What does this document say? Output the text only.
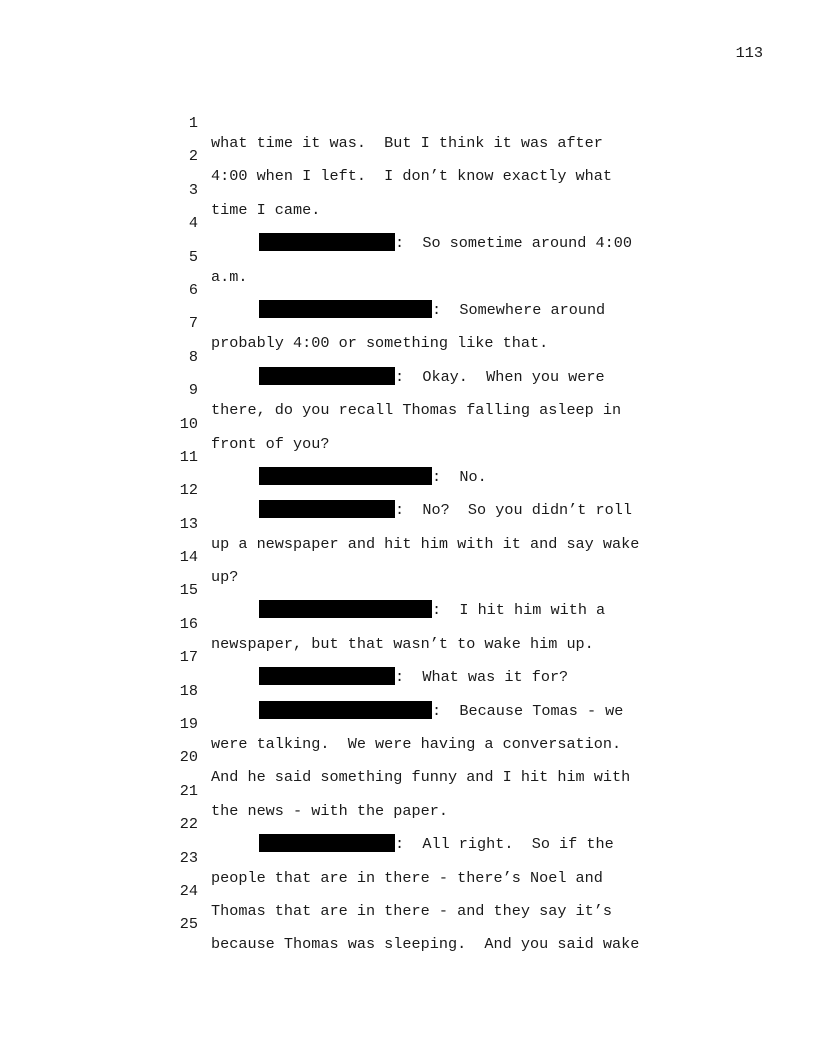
113

1

what time it was.  But I think it was after

2

4:00 when I left.  I don’t know exactly what

3

time I came.

4

:  So sometime around 4:00

5

a.m.

6

:  Somewhere around

7

probably 4:00 or something like that.

8

:  Okay.  When you were

9

there, do you recall Thomas falling asleep in

10

front of you?

11

:  No.

12

:  No?  So you didn’t roll

13

up a newspaper and hit him with it and say wake

14

up?

15

:  I hit him with a

16

newspaper, but that wasn’t to wake him up.

17

:  What was it for?

18

:  Because Tomas - we

19

were talking.  We were having a conversation.

20

And he said something funny and I hit him with

21

the news - with the paper.

22

:  All right.  So if the

23

people that are in there - there’s Noel and

24

Thomas that are in there - and they say it’s

25

because Thomas was sleeping.  And you said wake
